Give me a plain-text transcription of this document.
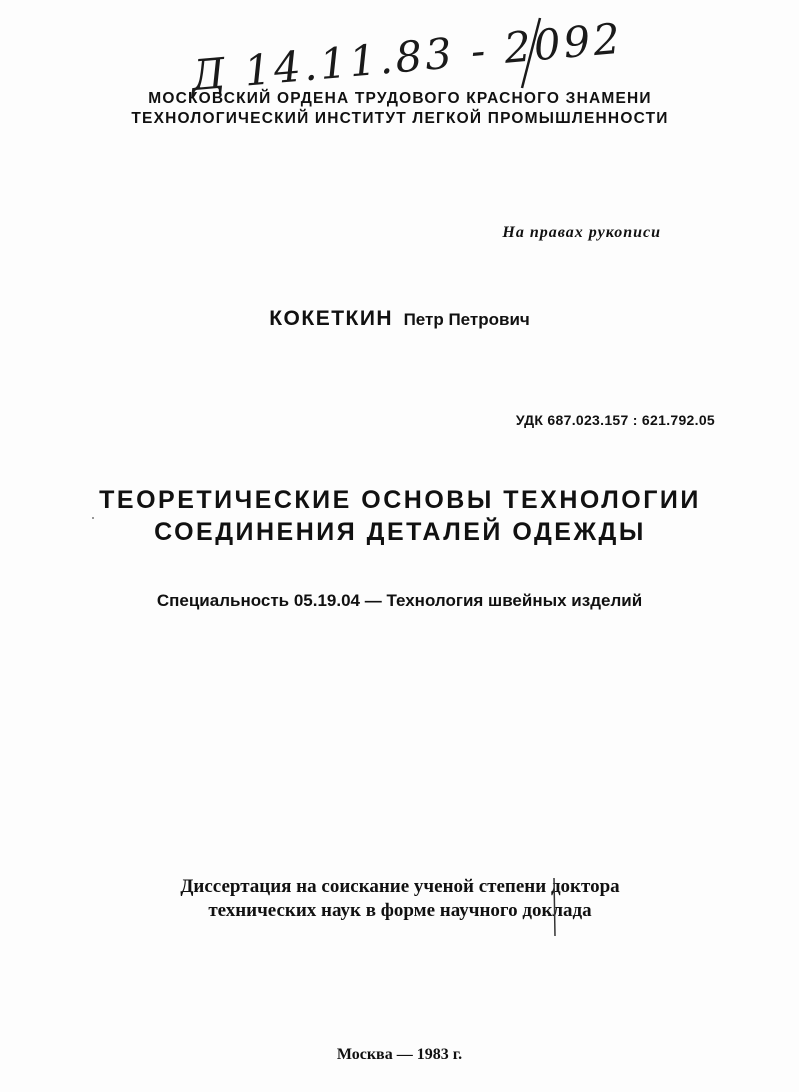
Д 14.11.83 - 2092/16
МОСКОВСКИЙ ОРДЕНА ТРУДОВОГО КРАСНОГО ЗНАМЕНИ
ТЕХНОЛОГИЧЕСКИЙ ИНСТИТУТ ЛЕГКОЙ ПРОМЫШЛЕННОСТИ
На правах рукописи
КОКЕТКИН Петр Петрович
УДК 687.023.157 : 621.792.05
ТЕОРЕТИЧЕСКИЕ ОСНОВЫ ТЕХНОЛОГИИ
СОЕДИНЕНИЯ ДЕТАЛЕЙ ОДЕЖДЫ
Специальность 05.19.04 — Технология швейных изделий
Диссертация на соискание ученой степени доктора
технических наук в форме научного доклада
Москва — 1983 г.
